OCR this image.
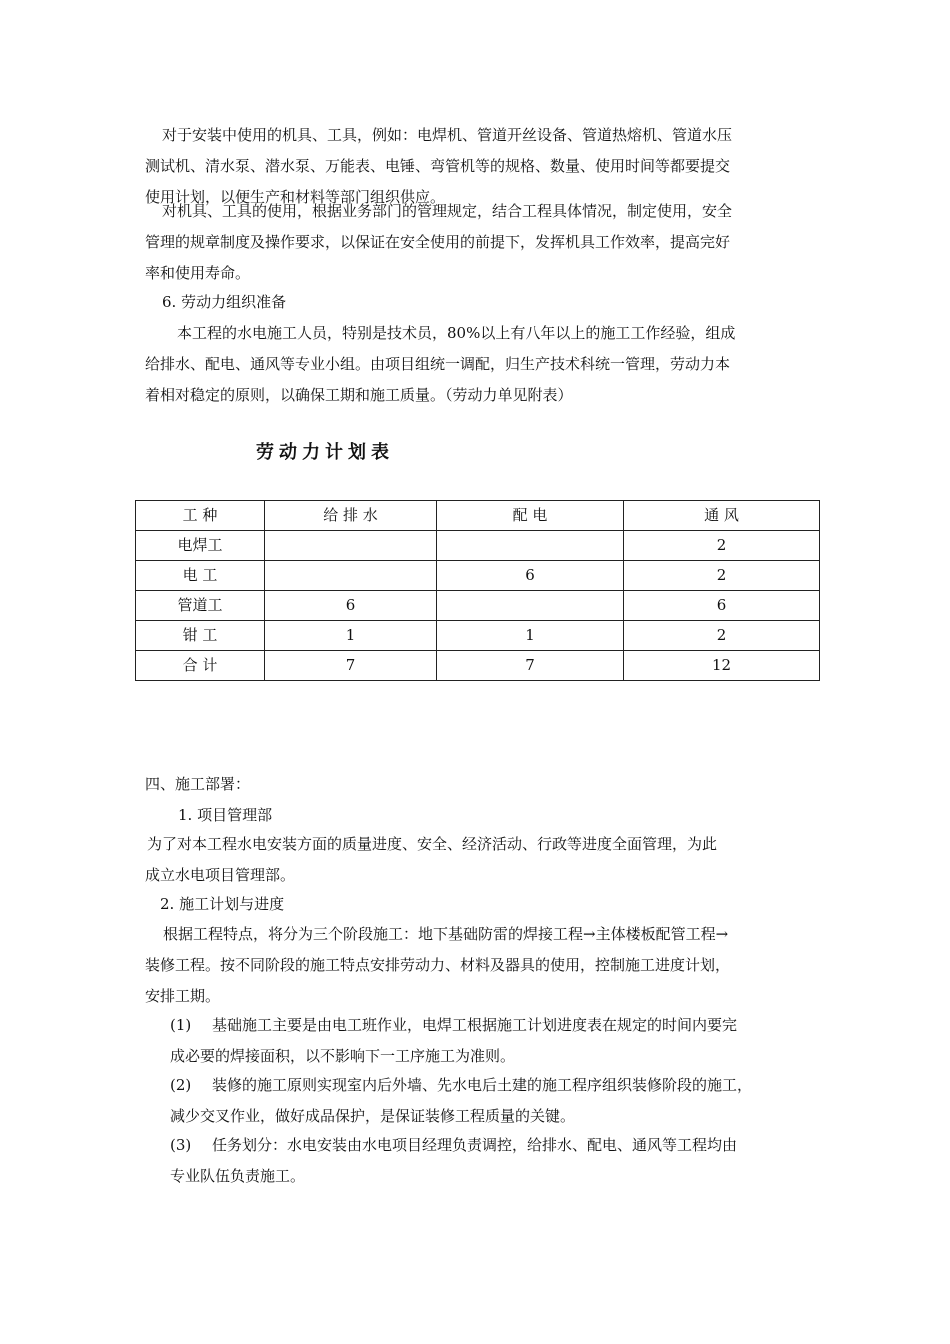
对于安装中使用的机具、工具，例如：电焊机、管道开丝设备、管道热熔机、管道水压
测试机、清水泵、潜水泵、万能表、电锤、弯管机等的规格、数量、使用时间等都要提交
使用计划，以便生产和材料等部门组织供应。
对机具、工具的使用，根据业务部门的管理规定，结合工程具体情况，制定使用，安全
管理的规章制度及操作要求，以保证在安全使用的前提下，发挥机具工作效率，提高完好
率和使用寿命。

6. 劳动力组织准备

本工程的水电施工人员，特别是技术员，80%以上有八年以上的施工工作经验，组成
给排水、配电、通风等专业小组。由项目组统一调配，归生产技术科统一管理，劳动力本
着相对稳定的原则，以确保工期和施工质量。（劳动力单见附表）

劳动力计划表

工 种	给 排 水	配 电	通 风
电焊工			2
电 工		6	2
管道工	6		6
钳 工	1	1	2
合 计	7	7	12

四、施工部署：

1. 项目管理部

为了对本工程水电安装方面的质量进度、安全、经济活动、行政等进度全面管理，为此
成立水电项目管理部。

2. 施工计划与进度

根据工程特点，将分为三个阶段施工：地下基础防雷的焊接工程→主体楼板配管工程→
装修工程。按不同阶段的施工特点安排劳动力、材料及器具的使用，控制施工进度计划，
安排工期。
(1) 基础施工主要是由电工班作业，电焊工根据施工计划进度表在规定的时间内要完
成必要的焊接面积，以不影响下一工序施工为准则。
(2) 装修的施工原则实现室内后外墙、先水电后土建的施工程序组织装修阶段的施工，
减少交叉作业，做好成品保护，是保证装修工程质量的关键。
(3) 任务划分：水电安装由水电项目经理负责调控，给排水、配电、通风等工程均由
专业队伍负责施工。
